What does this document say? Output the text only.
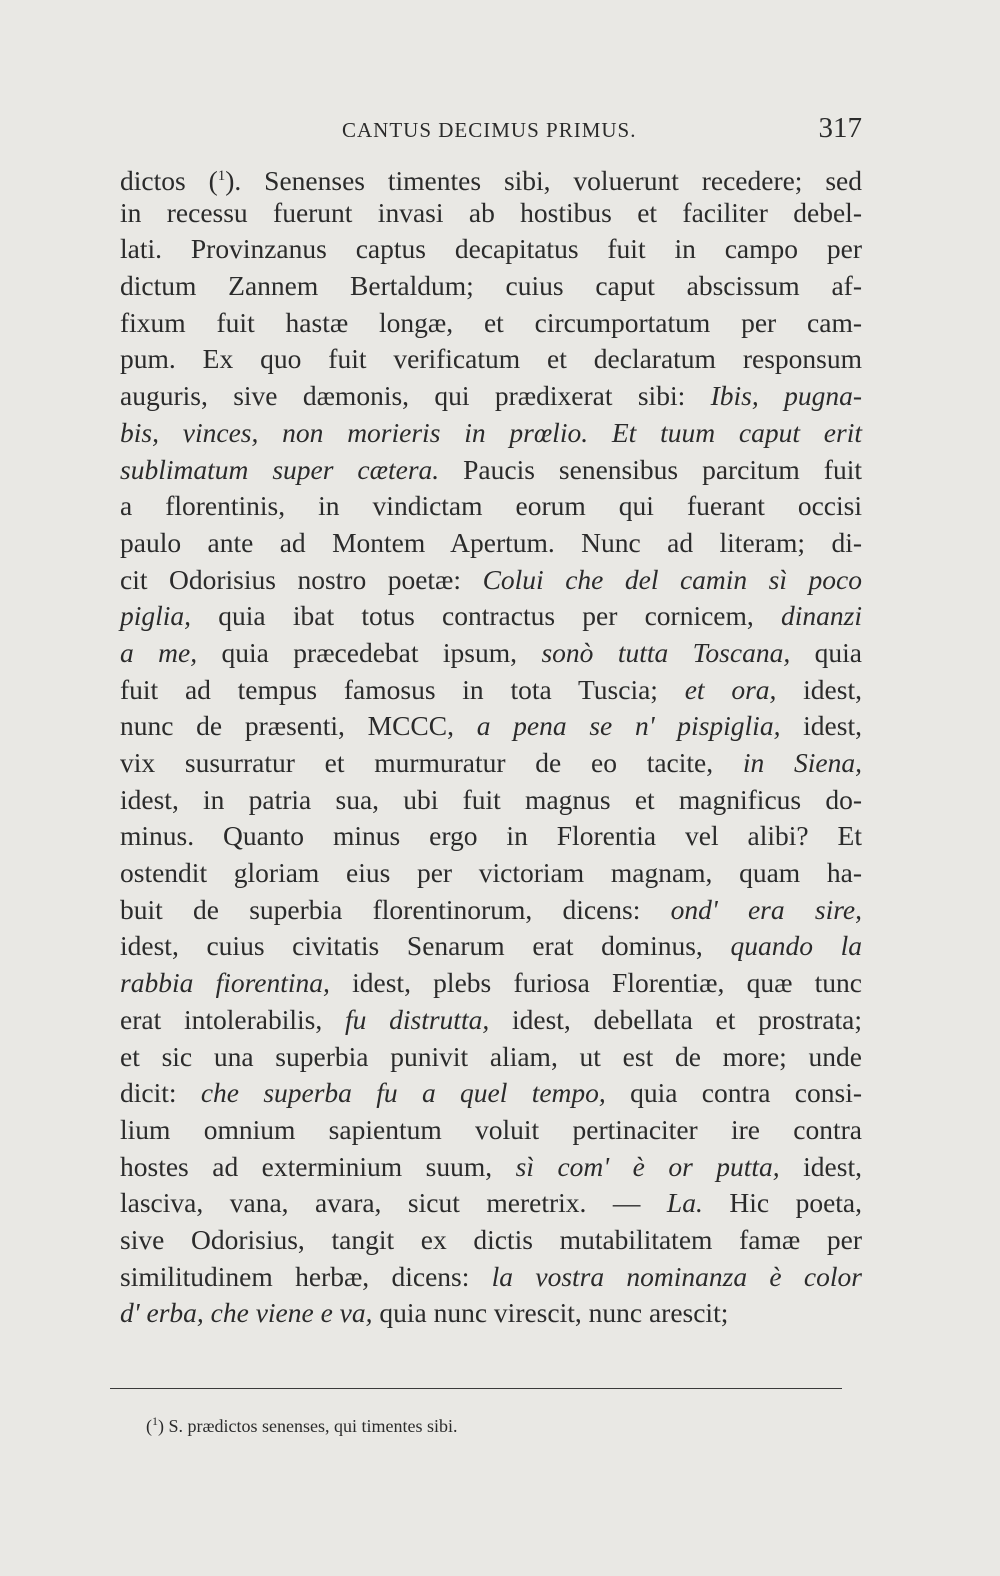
CANTUS DECIMUS PRIMUS.	317
dictos ($^1$). Senenses timentes sibi, voluerunt recedere; sed
in recessu fuerunt invasi ab hostibus et faciliter debel-
lati. Provinzanus captus decapitatus fuit in campo per
dictum Zannem Bertaldum; cuius caput abscissum af-
fixum fuit hastæ longæ, et circumportatum per cam-
pum. Ex quo fuit verificatum et declaratum responsum
auguris, sive dæmonis, qui prædixerat sibi: Ibis, pugna-
bis, vinces, non morieris in prœlio. Et tuum caput erit
sublimatum super cætera. Paucis senensibus parcitum fuit
a florentinis, in vindictam eorum qui fuerant occisi
paulo ante ad Montem Apertum. Nunc ad literam; di-
cit Odorisius nostro poetæ: Colui che del camin sì poco
piglia, quia ibat totus contractus per cornicem, dinanzi
a me, quia præcedebat ipsum, sonò tutta Toscana, quia
fuit ad tempus famosus in tota Tuscia; et ora, idest,
nunc de præsenti, MCCC, a pena se n' pispiglia, idest,
vix susurratur et murmuratur de eo tacite, in Siena,
idest, in patria sua, ubi fuit magnus et magnificus do-
minus. Quanto minus ergo in Florentia vel alibi? Et
ostendit gloriam eius per victoriam magnam, quam ha-
buit de superbia florentinorum, dicens: ond' era sire,
idest, cuius civitatis Senarum erat dominus, quando la
rabbia fiorentina, idest, plebs furiosa Florentiæ, quæ tunc
erat intolerabilis, fu distrutta, idest, debellata et prostrata;
et sic una superbia punivit aliam, ut est de more; unde
dicit: che superba fu a quel tempo, quia contra consi-
lium omnium sapientum voluit pertinaciter ire contra
hostes ad exterminium suum, sì com' è or putta, idest,
lasciva, vana, avara, sicut meretrix. — La. Hic poeta,
sive Odorisius, tangit ex dictis mutabilitatem famæ per
similitudinem herbæ, dicens: la vostra nominanza è color
d' erba, che viene e va, quia nunc virescit, nunc arescit;
($^1$) S. prædictos senenses, qui timentes sibi.
